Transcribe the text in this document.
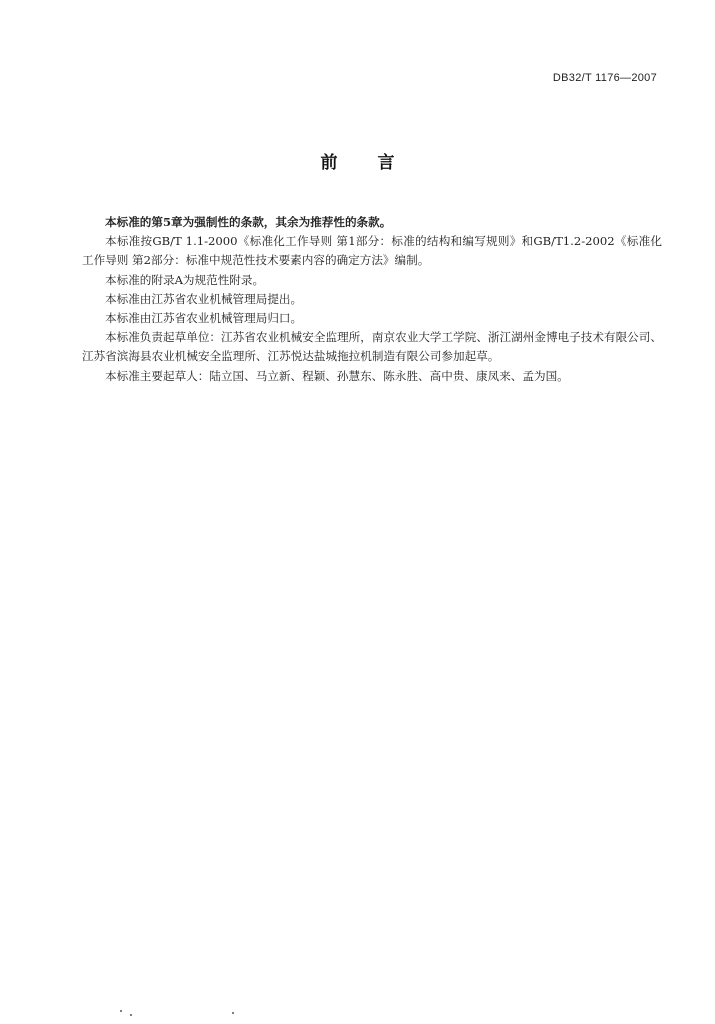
DB32/T 1176—2007
前言

本标准的第5章为强制性的条款，其余为推荐性的条款。

本标准按GB/T 1.1-2000《标准化工作导则 第1部分：标准的结构和编写规则》和GB/T1.2-2002《标准化工作导则 第2部分：标准中规范性技术要素内容的确定方法》编制。

本标准的附录A为规范性附录。

本标准由江苏省农业机械管理局提出。

本标准由江苏省农业机械管理局归口。

本标准负责起草单位：江苏省农业机械安全监理所，南京农业大学工学院、浙江湖州金博电子技术有限公司、江苏省滨海县农业机械安全监理所、江苏悦达盐城拖拉机制造有限公司参加起草。

本标准主要起草人：陆立国、马立新、程颖、孙慧东、陈永胜、高中贵、康凤来、孟为国。
